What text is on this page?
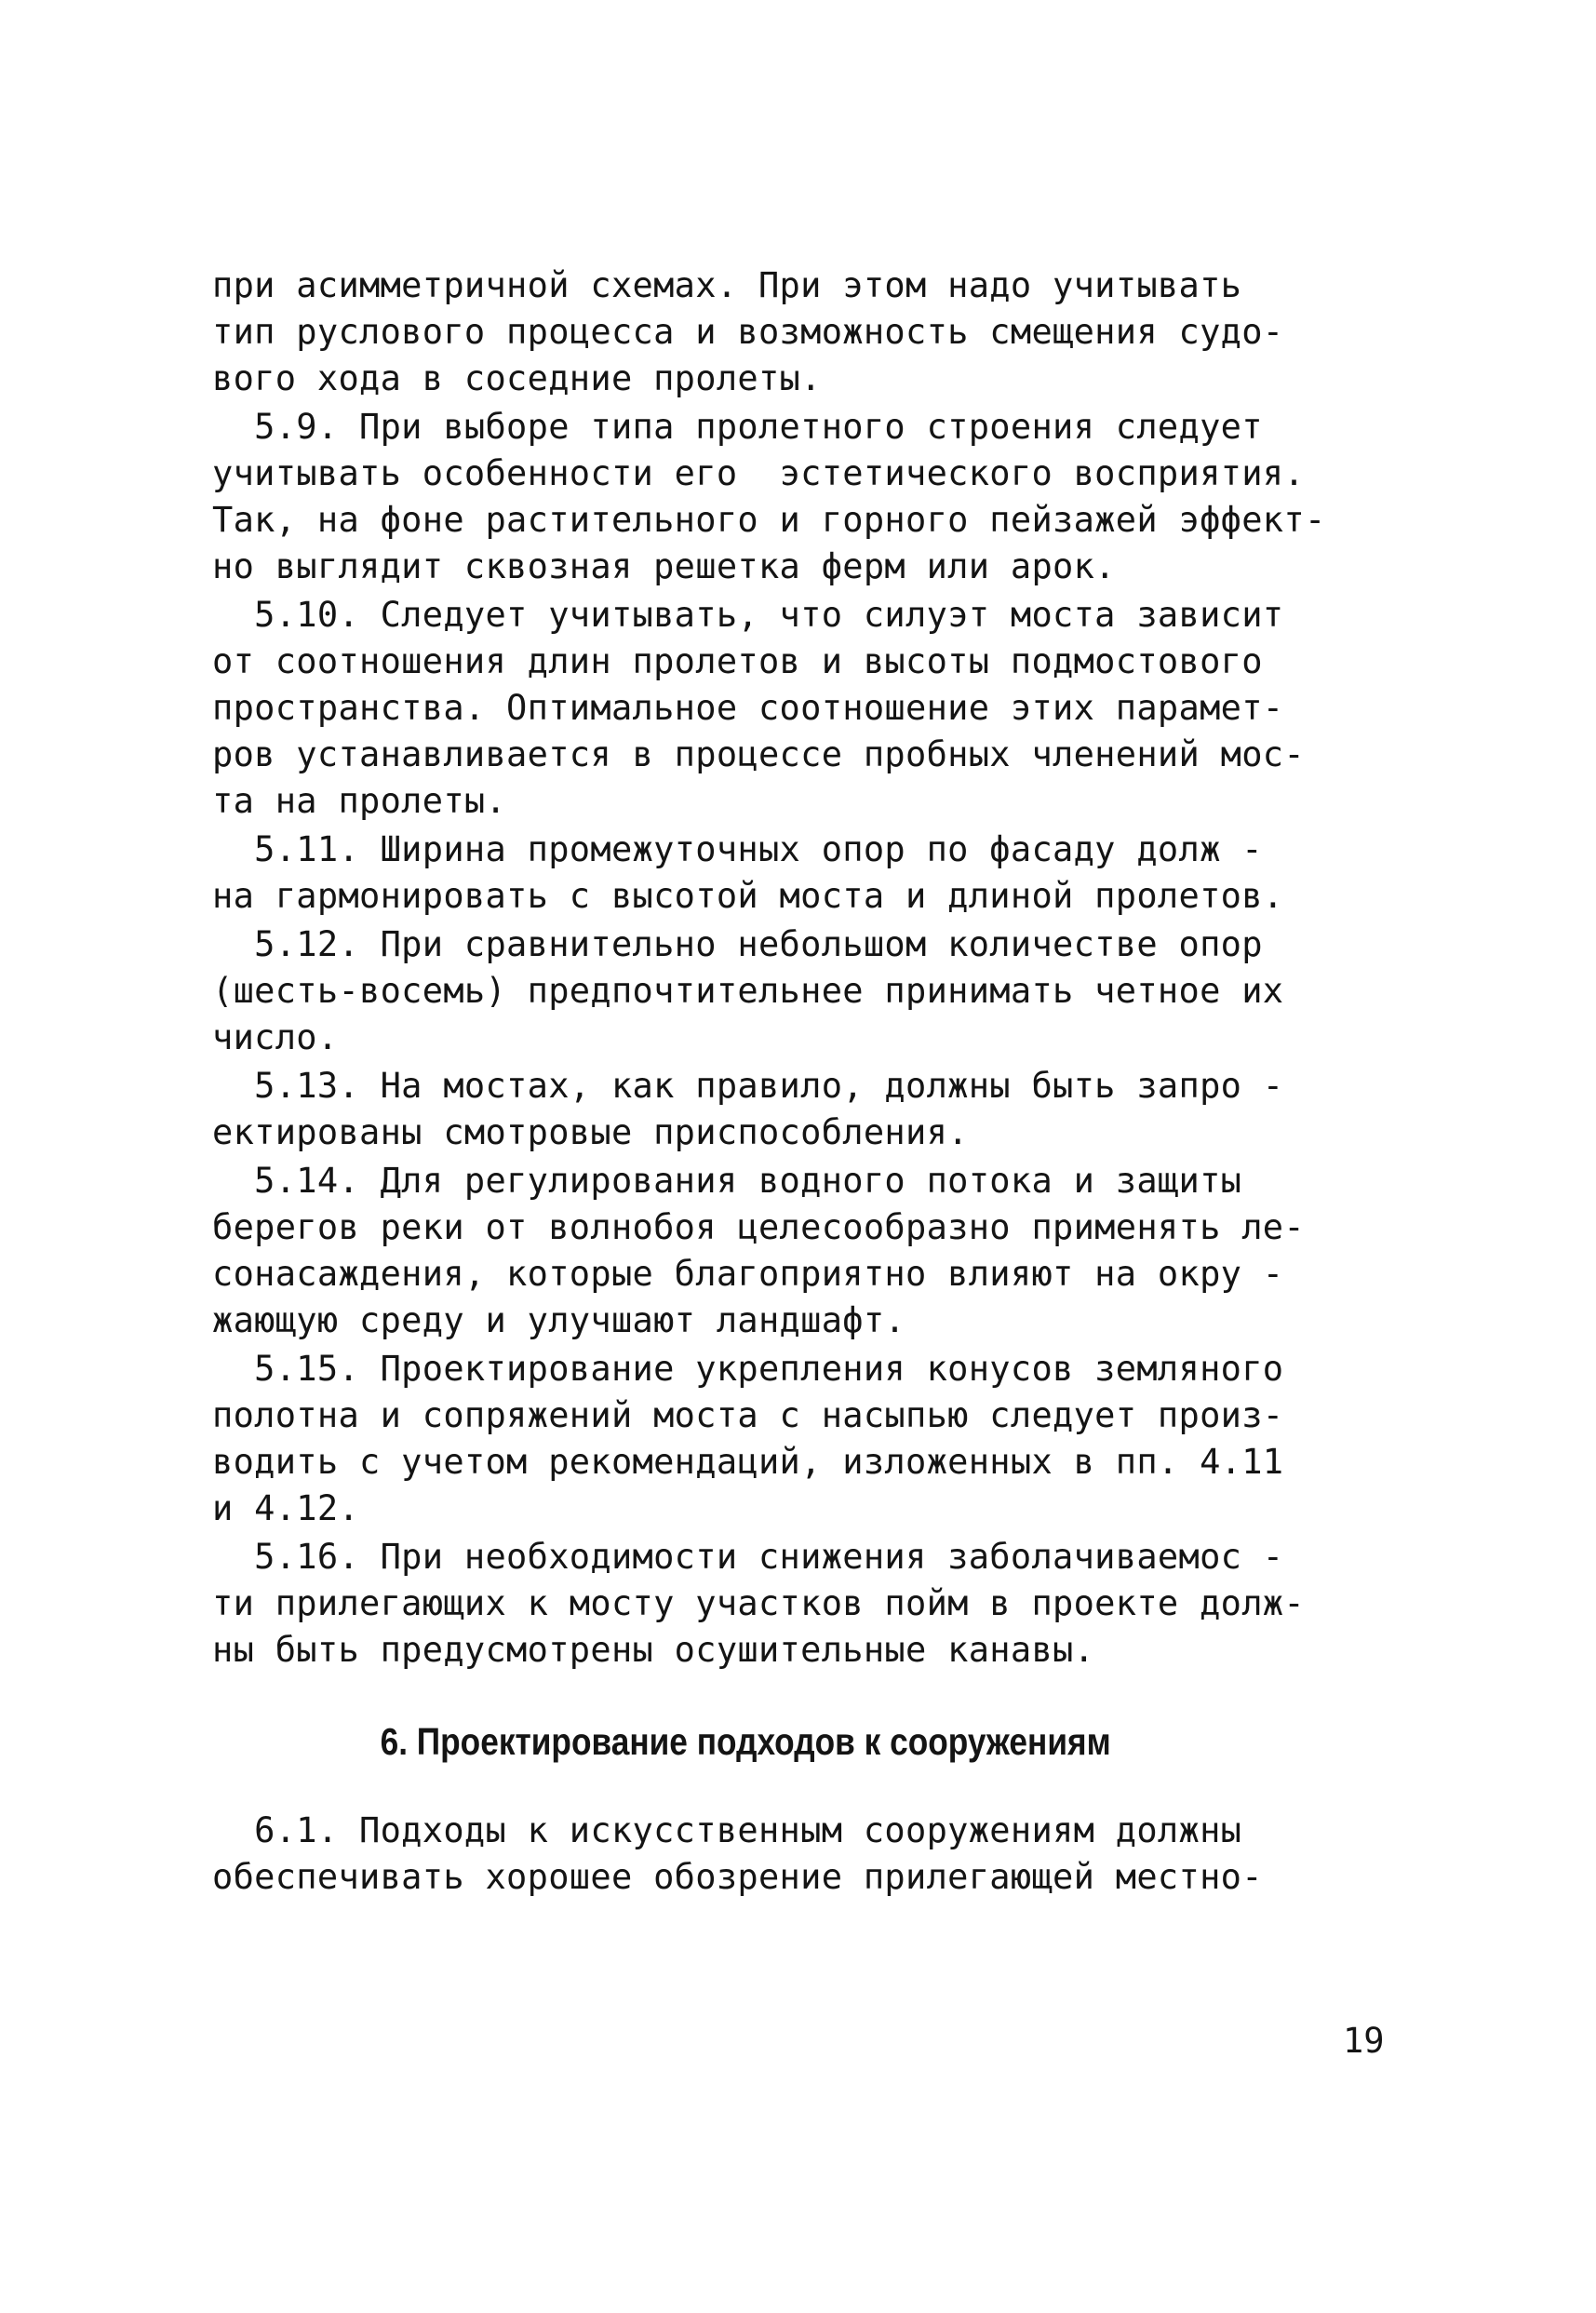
при асимметричной схемах. При этом надо учитывать
тип руслового процесса и возможность смещения судо-
вого хода в соседние пролеты.
5.9. При выборе типа пролетного строения следует
учитывать особенности его  эстетического восприятия.
Так, на фоне растительного и горного пейзажей эффект-
но выглядит сквозная решетка ферм или арок.
5.10. Следует учитывать, что силуэт моста зависит
от соотношения длин пролетов и высоты подмостового
пространства. Оптимальное соотношение этих парамет-
ров устанавливается в процессе пробных членений мос-
та на пролеты.
5.11. Ширина промежуточных опор по фасаду долж -
на гармонировать с высотой моста и длиной пролетов.
5.12. При сравнительно небольшом количестве опор
(шесть-восемь) предпочтительнее принимать четное их
число.
5.13. На мостах, как правило, должны быть запро -
ектированы смотровые приспособления.
5.14. Для регулирования водного потока и защиты
берегов реки от волнобоя целесообразно применять ле-
сонасаждения, которые благоприятно влияют на окру -
жающую среду и улучшают ландшафт.
5.15. Проектирование укрепления конусов земляного
полотна и сопряжений моста с насыпью следует произ-
водить с учетом рекомендаций, изложенных в пп. 4.11
и 4.12.
5.16. При необходимости снижения заболачиваемос -
ти прилегающих к мосту участков пойм в проекте долж-
ны быть предусмотрены осушительные канавы.
6. Проектирование подходов к сооружениям
6.1. Подходы к искусственным сооружениям должны
обеспечивать хорошее обозрение прилегающей местно-
19
